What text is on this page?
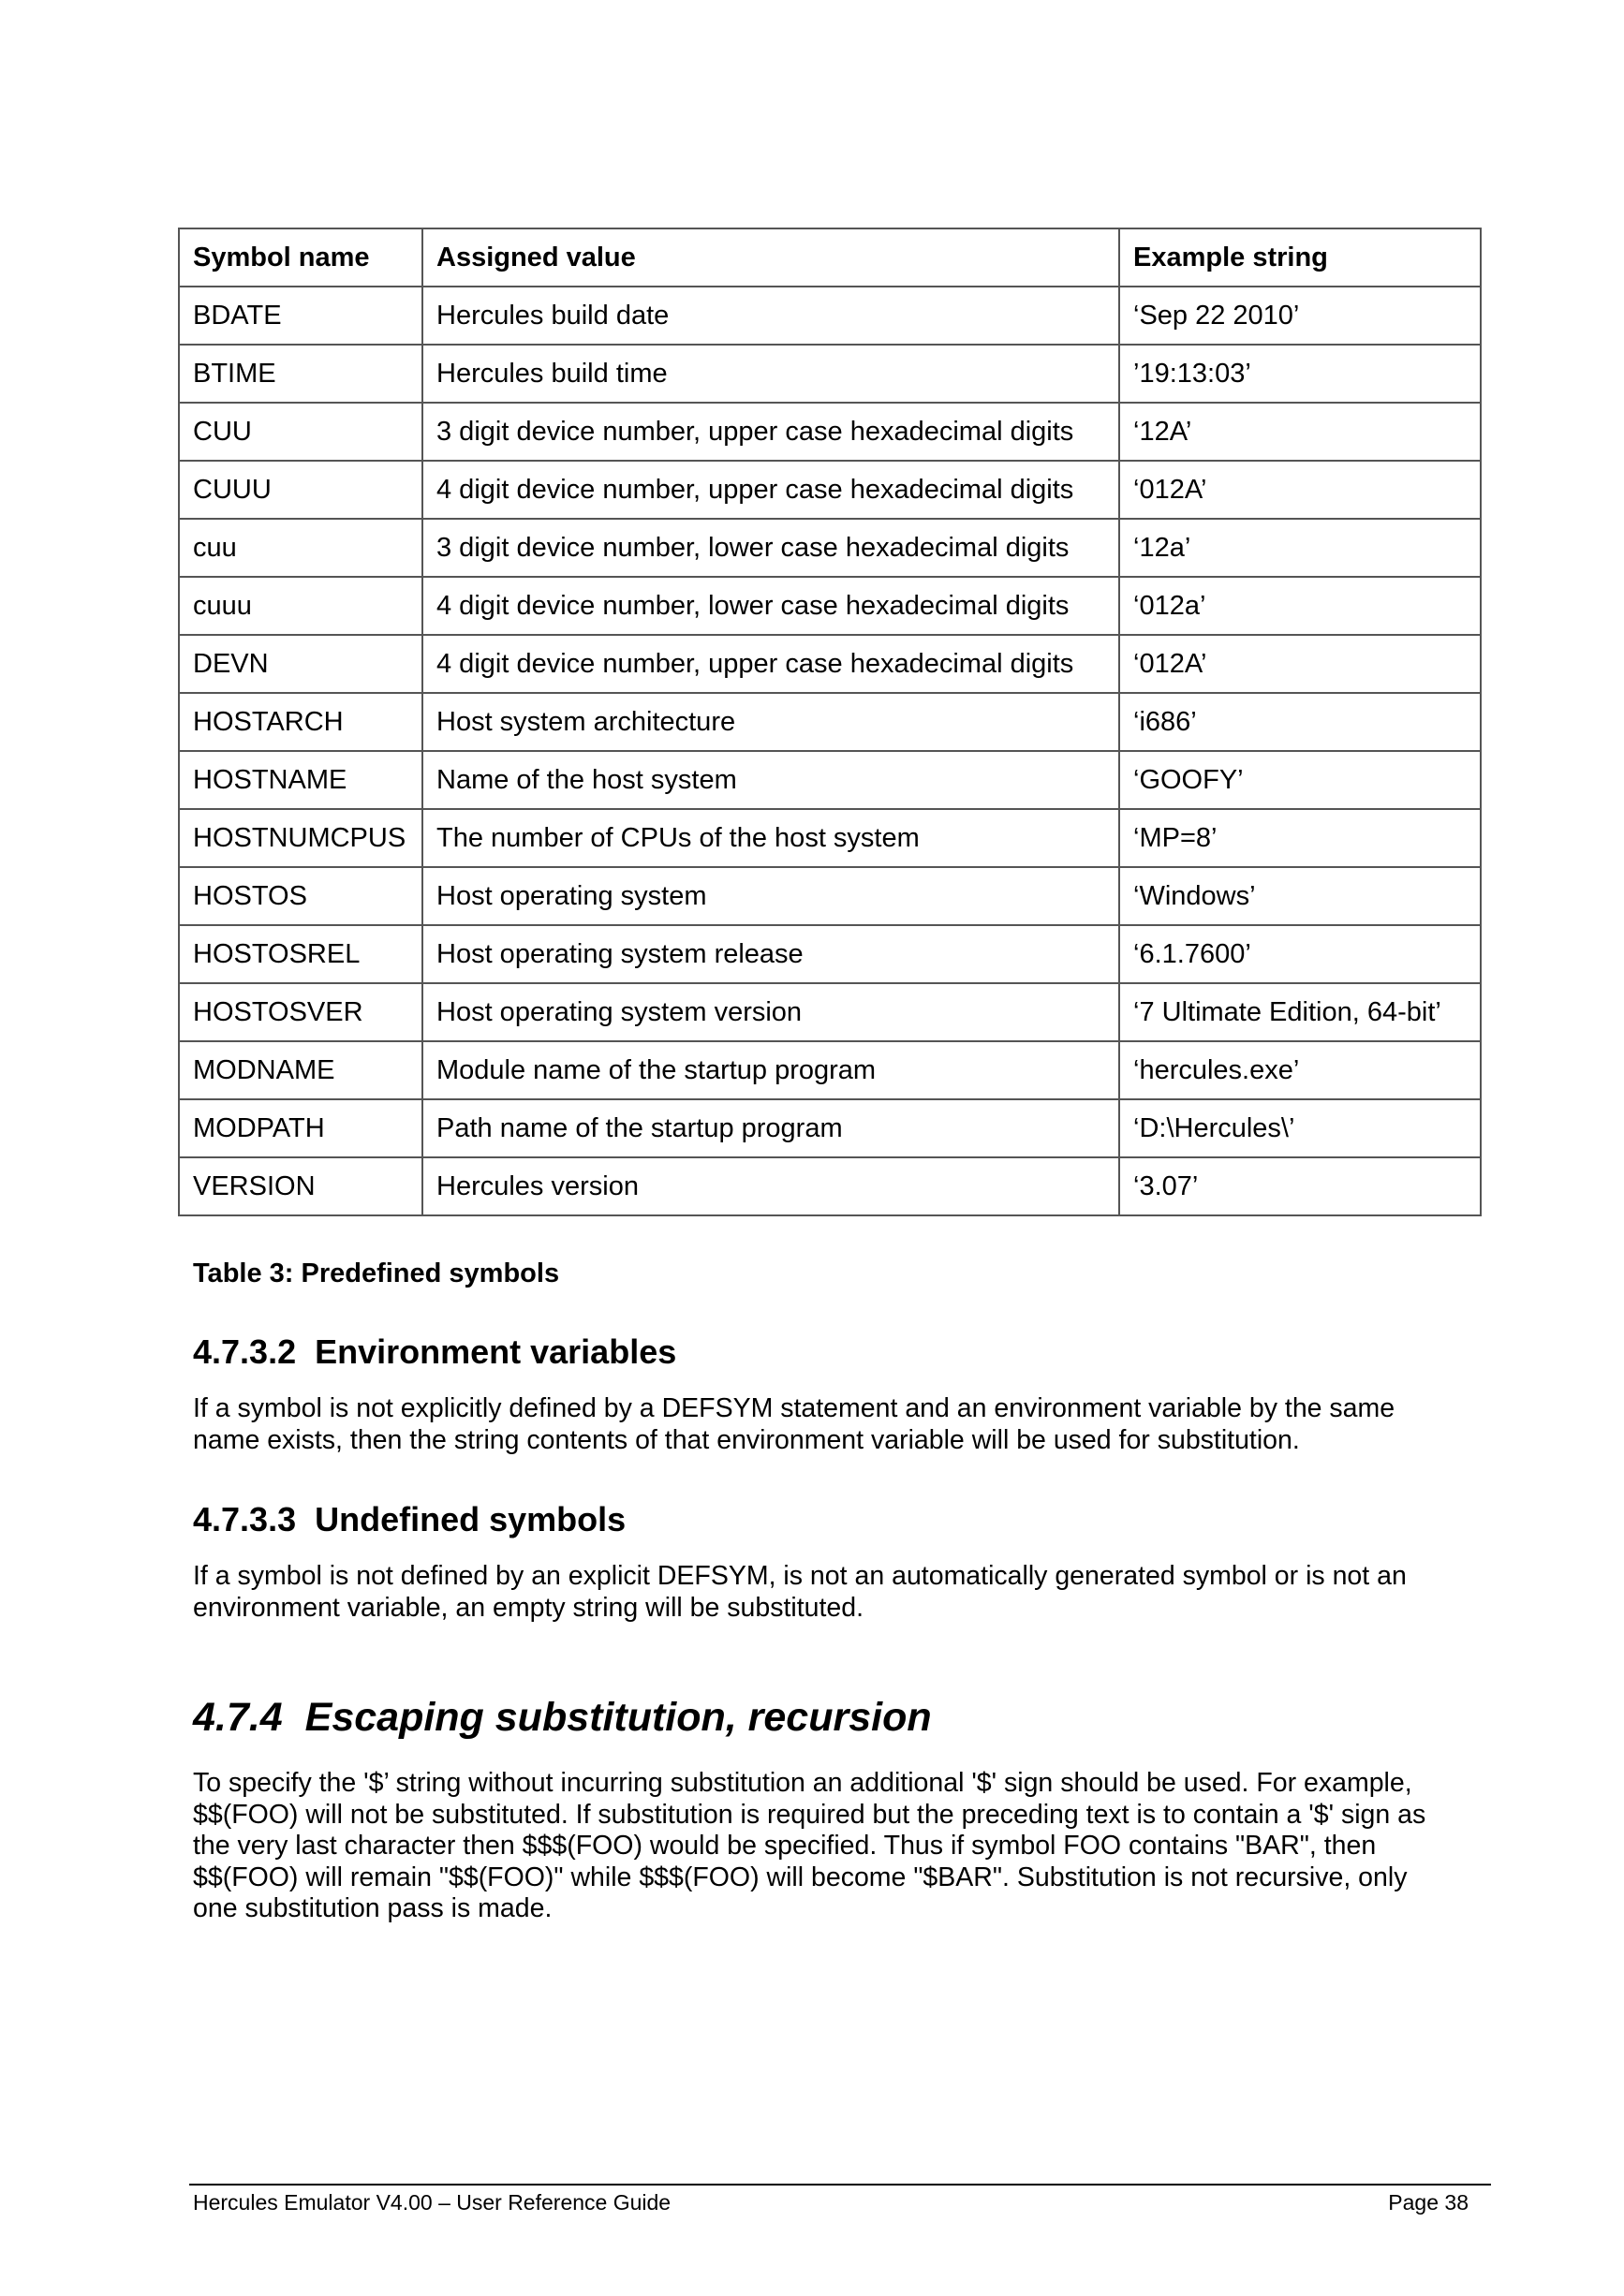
Symbol name	Assigned value	Example string
BDATE	Hercules build date	‘Sep 22 2010’
BTIME	Hercules build time	’19:13:03’
CUU	3 digit device number, upper case hexadecimal digits	‘12A’
CUUU	4 digit device number, upper case hexadecimal digits	‘012A’
cuu	3 digit device number, lower case hexadecimal digits	‘12a’
cuuu	4 digit device number, lower case hexadecimal digits	‘012a’
DEVN	4 digit device number, upper case hexadecimal digits	‘012A’
HOSTARCH	Host system architecture	‘i686’
HOSTNAME	Name of the host system	‘GOOFY’
HOSTNUMCPUS	The number of CPUs of the host system	‘MP=8’
HOSTOS	Host operating system	‘Windows’
HOSTOSREL	Host operating system release	‘6.1.7600’
HOSTOSVER	Host operating system version	‘7 Ultimate Edition, 64-bit’
MODNAME	Module name of the startup program	‘hercules.exe’
MODPATH	Path name of the startup program	‘D:\Hercules\’
VERSION	Hercules version	‘3.07’
Table 3: Predefined symbols
4.7.3.2 Environment variables
If a symbol is not explicitly defined by a DEFSYM statement and an environment variable by the same
name exists, then the string contents of that environment variable will be used for substitution.
4.7.3.3 Undefined symbols
If a symbol is not defined by an explicit DEFSYM, is not an automatically generated symbol or is not an
environment variable, an empty string will be substituted.
4.7.4 Escaping substitution, recursion
To specify the '$’ string without incurring substitution an additional '$' sign should be used. For example,
$$(FOO) will not be substituted. If substitution is required but the preceding text is to contain a '$' sign as
the very last character then $$$(FOO) would be specified. Thus if symbol FOO contains "BAR", then
$$(FOO) will remain "$$(FOO)" while $$$(FOO) will become "$BAR". Substitution is not recursive, only
one substitution pass is made.
Hercules Emulator V4.00 – User Reference Guide	Page 38
